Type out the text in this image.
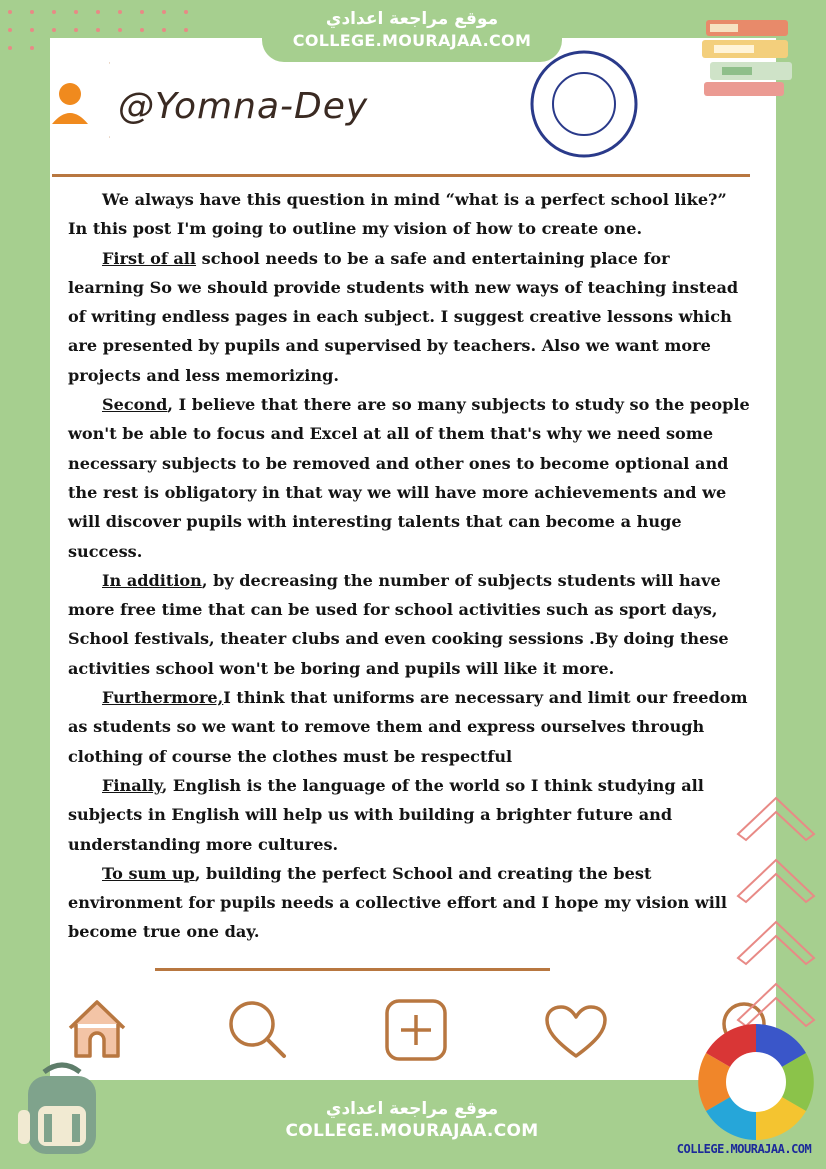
موقع مراجعة اعدادي
COLLEGE.MOURAJAA.COM
@Yomna-Dey

We always have this question in mind “what is a perfect school like?” In this post I'm going to outline my vision of how to create one.

First of all school needs to be a safe and entertaining place for learning So we should provide students with new ways of teaching instead of writing endless pages in each subject. I suggest creative lessons which are presented by pupils and supervised by teachers. Also we want more projects and less memorizing.

Second, I believe that there are so many subjects to study so the people won't be able to focus and Excel at all of them that's why we need some necessary subjects to be removed and other ones to become optional and the rest is obligatory in that way we will have more achievements and we will discover pupils with interesting talents that can become a huge success.

In addition, by decreasing the number of subjects students will have more free time that can be used for school activities such as sport days, School festivals, theater clubs and even cooking sessions .By doing these activities school won't be boring and pupils will like it more.

Furthermore,I think that uniforms are necessary and limit our freedom as students so we want to remove them and express ourselves through clothing of course the clothes must be respectful

Finally, English is the language of the world so I think studying all subjects in English will help us with building a brighter future and understanding more cultures.

To sum up, building the perfect School and creating the best environment for pupils needs a collective effort and I hope my vision will become true one day.

COLLEGE.MOURAJAA.COM
موقع مراجعة اعدادي
COLLEGE.MOURAJAA.COM
